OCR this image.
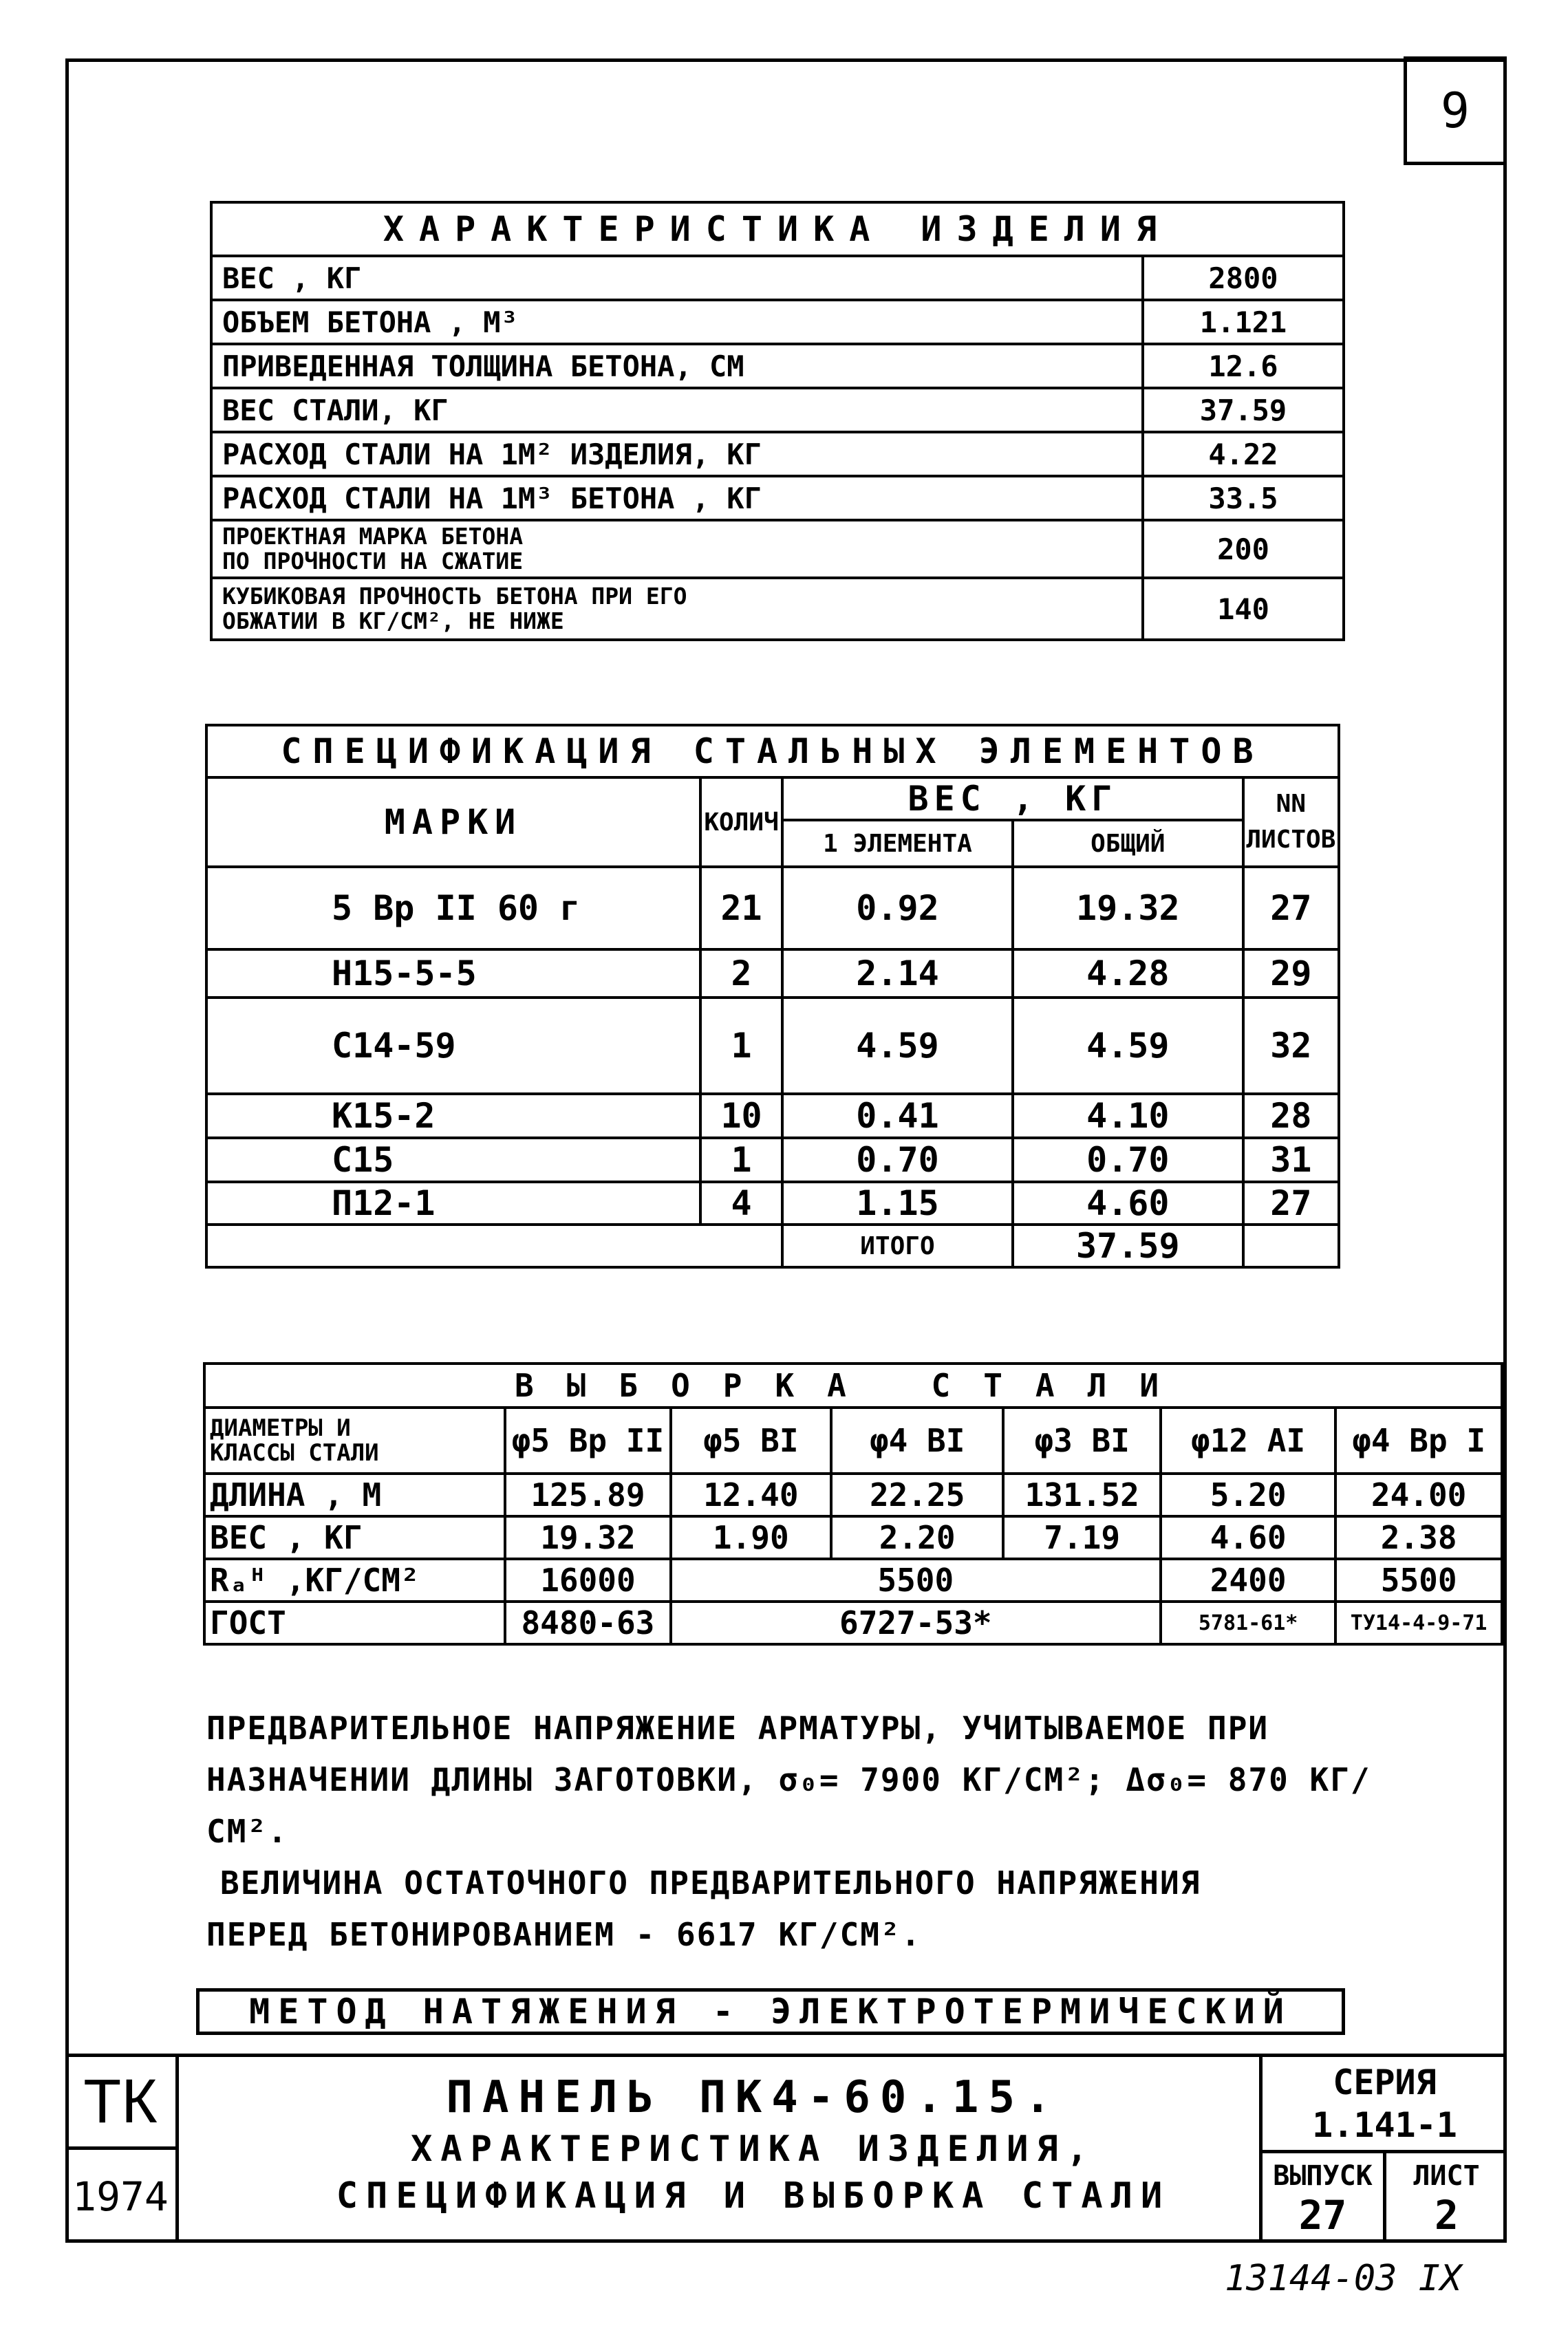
9
ХАРАКТЕРИСТИКА ИЗДЕЛИЯ	
ВЕС , КГ	2800
ОБЪЕМ БЕТОНА , М³	1.121
ПРИВЕДЕННАЯ ТОЛЩИНА БЕТОНА, СМ	12.6
ВЕС СТАЛИ, КГ	37.59
РАСХОД СТАЛИ НА 1М² ИЗДЕЛИЯ, КГ	4.22
РАСХОД СТАЛИ НА 1М³ БЕТОНА , КГ	33.5

ПРОЕКТНАЯ МАРКА БЕТОНА
ПО ПРОЧНОСТИ НА СЖАТИЕ	200

КУБИКОВАЯ ПРОЧНОСТЬ БЕТОНА ПРИ ЕГО
ОБЖАТИИ В КГ/СМ², НЕ НИЖЕ	140
СПЕЦИФИКАЦИЯ СТАЛЬНЫХ ЭЛЕМЕНТОВ				
МАРКИ	КОЛИЧ	ВЕС , КГ		NN ЛИСТОВ
		1 ЭЛЕМЕНТА	ОБЩИЙ	
5 Вр II 60 г	21	0.92	19.32	27
Н15-5-5	2	2.14	4.28	29
С14-59	1	4.59	4.59	32
К15-2	10	0.41	4.10	28
С15	1	0.70	0.70	31
П12-1	4	1.15	4.60	27
		ИТОГО	37.59	
ВЫБОРКА СТАЛИ						

ДИАМЕТРЫ И
КЛАССЫ СТАЛИ	φ5 Вр II	φ5 ВI	φ4 ВI	φ3 ВI	φ12 АI	φ4 Вр I
ДЛИНА , М	125.89	12.40	22.25	131.52	5.20	24.00
ВЕС , КГ	19.32	1.90	2.20	7.19	4.60	2.38
Rₐᴴ ,КГ/СМ²	16000	5500			2400	5500
ГОСТ	8480-63	6727-53*			5781-61*	ТУ14-4-9-71

ПРЕДВАРИТЕЛЬНОЕ НАПРЯЖЕНИЕ АРМАТУРЫ, УЧИТЫВАЕМОЕ ПРИ

НАЗНАЧЕНИИ ДЛИНЫ ЗАГОТОВКИ, σ₀= 7900 КГ/СМ²; Δσ₀= 870 КГ/СМ².

ВЕЛИЧИНА ОСТАТОЧНОГО ПРЕДВАРИТЕЛЬНОГО НАПРЯЖЕНИЯ

ПЕРЕД БЕТОНИРОВАНИЕМ - 6617 КГ/СМ².

МЕТОД НАТЯЖЕНИЯ - ЭЛЕКТРОТЕРМИЧЕСКИЙ
ТК
1974
ПАНЕЛЬ ПК4-60.15.
ХАРАКТЕРИСТИКА ИЗДЕЛИЯ,
СПЕЦИФИКАЦИЯ И ВЫБОРКА СТАЛИ
СЕРИЯ
1.141-1
ВЫПУСК
27
ЛИСТ
2
13144-03 IX
